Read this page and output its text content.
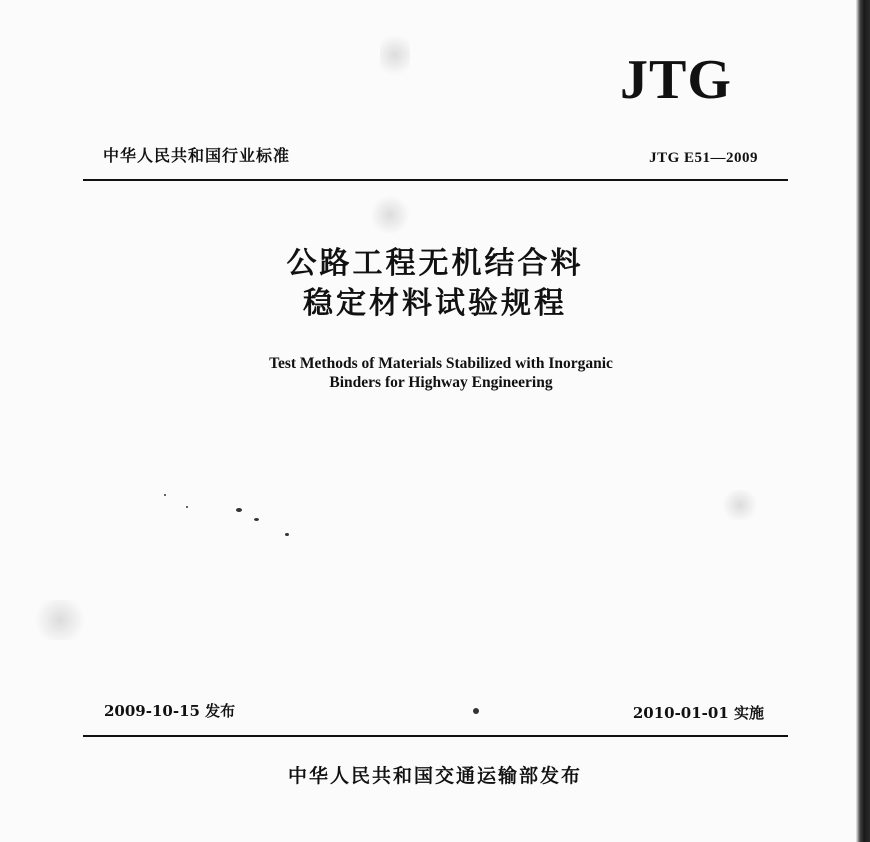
JTG
中华人民共和国行业标准	JTG E51—2009
公路工程无机结合料
稳定材料试验规程
Test Methods of Materials Stabilized with Inorganic
Binders for Highway Engineering
2009-10-15 发布	2010-01-01 实施
中华人民共和国交通运输部发布
